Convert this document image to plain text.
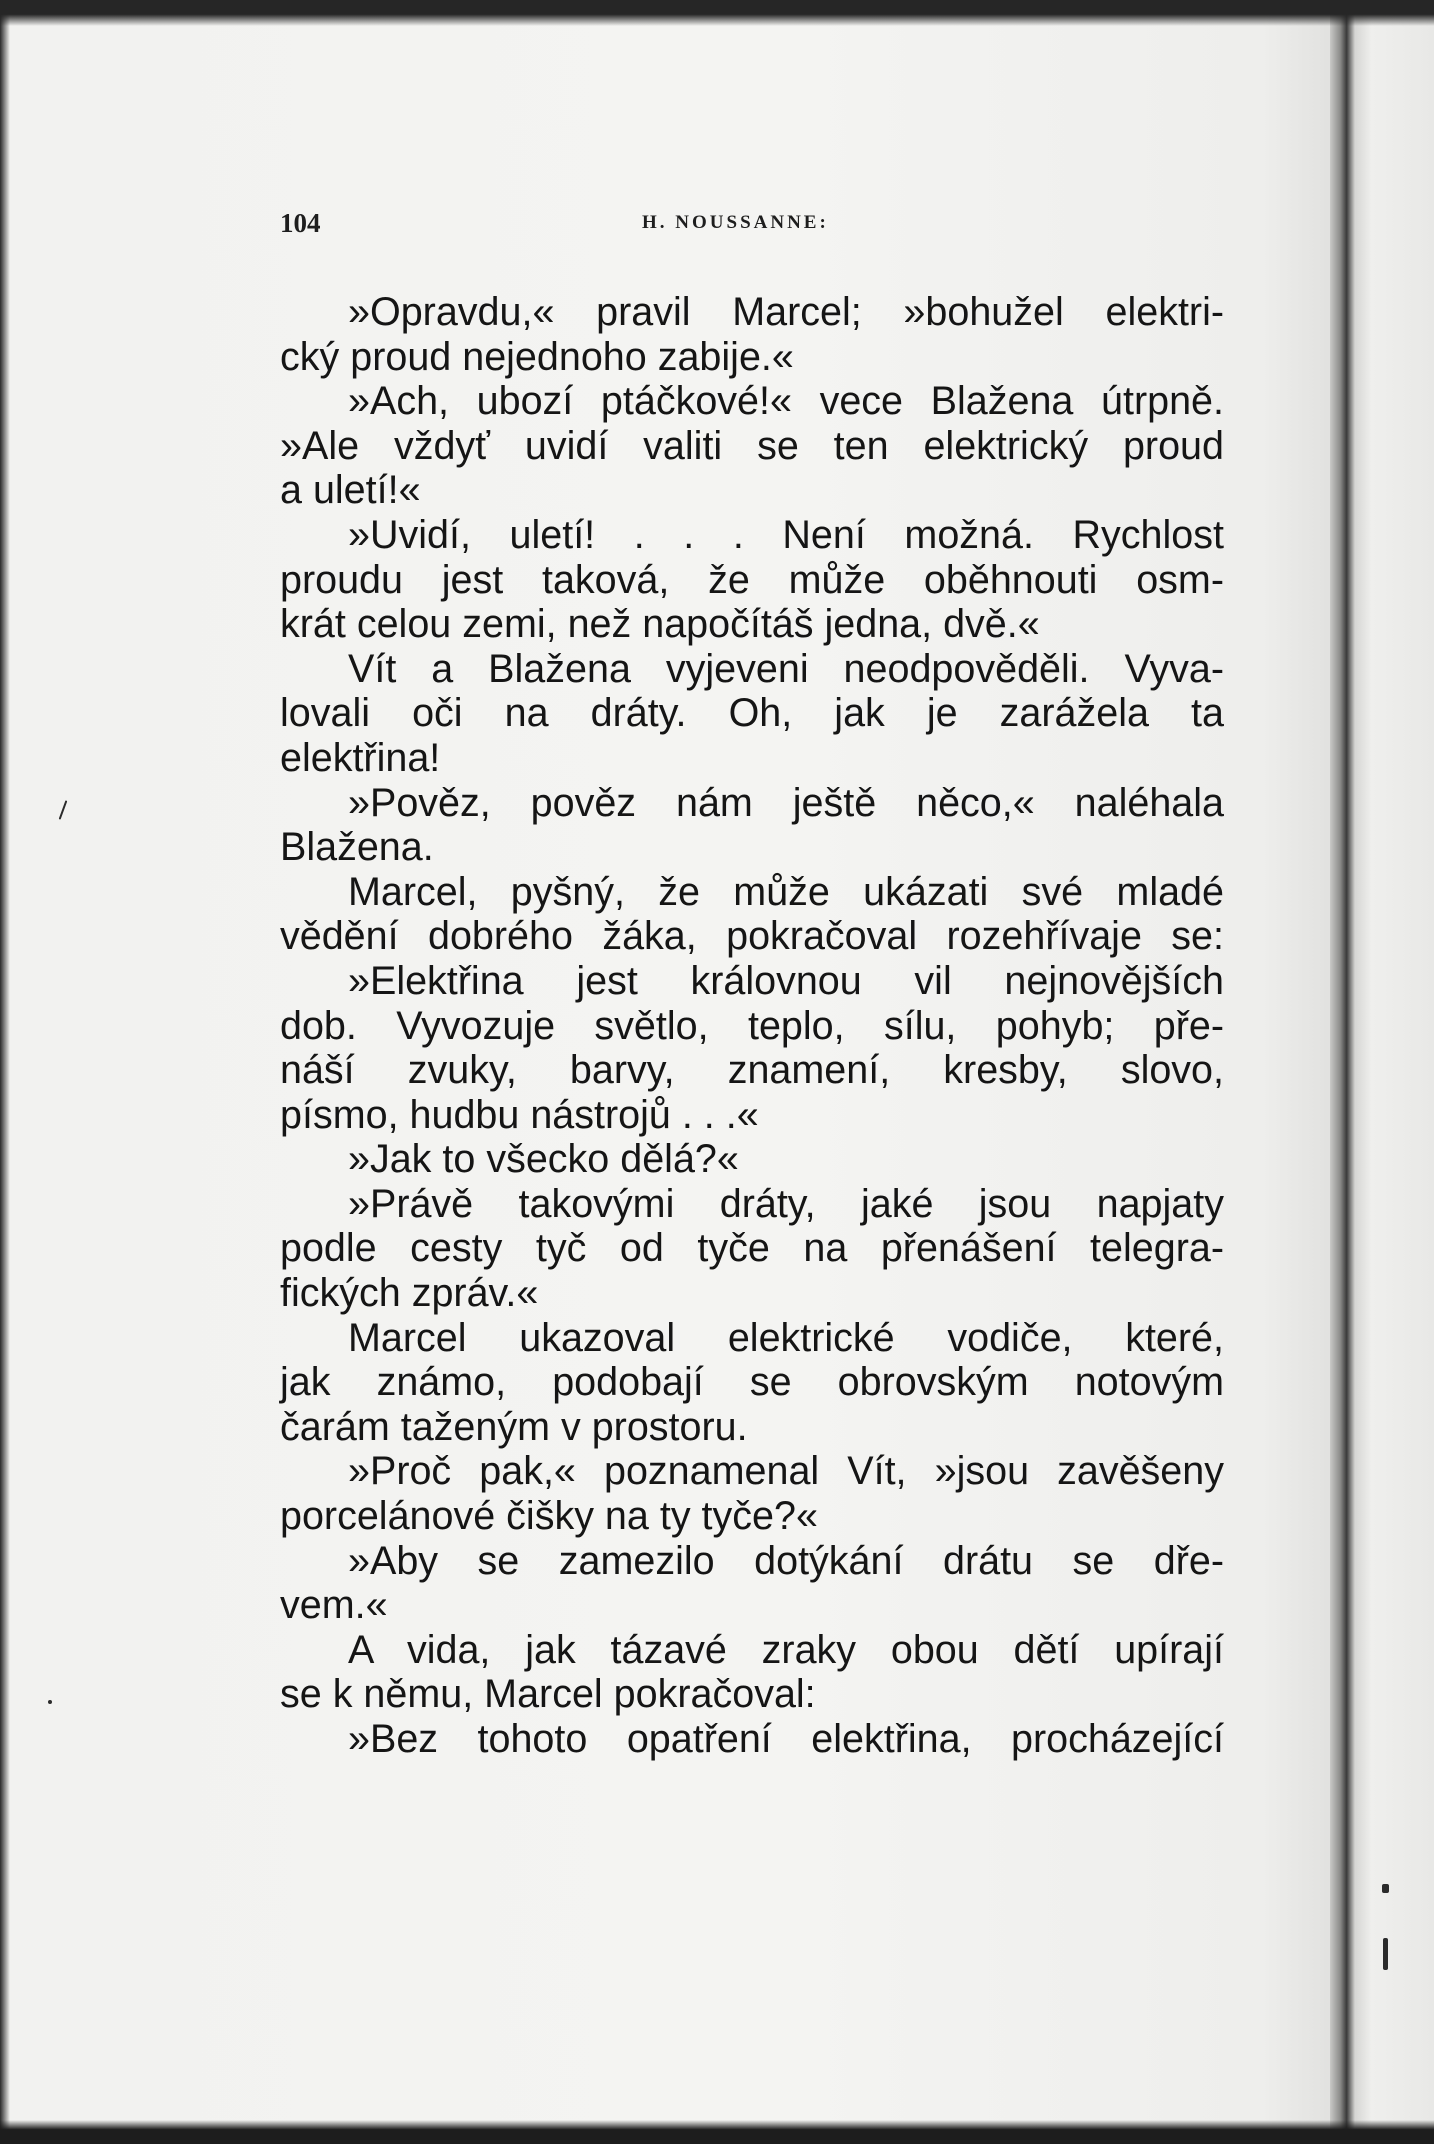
104	H. NOUSSANNE:
»Opravdu,« pravil Marcel; »bohužel elektri-
cký proud nejednoho zabije.«
»Ach, ubozí ptáčkové!« vece Blažena útrpně.
»Ale vždyť uvidí valiti se ten elektrický proud
a uletí!«
»Uvidí, uletí! . . . Není možná. Rychlost
proudu jest taková, že může oběhnouti osm-
krát celou zemi, než napočítáš jedna, dvě.«
Vít a Blažena vyjeveni neodpověděli. Vyva-
lovali oči na dráty. Oh, jak je zarážela ta
elektřina!
»Pověz, pověz nám ještě něco,« naléhala
Blažena.
Marcel, pyšný, že může ukázati své mladé
vědění dobrého žáka, pokračoval rozehřívaje se:
»Elektřina jest královnou vil nejnovějších
dob. Vyvozuje světlo, teplo, sílu, pohyb; pře-
náší zvuky, barvy, znamení, kresby, slovo,
písmo, hudbu nástrojů . . .«
»Jak to všecko dělá?«
»Právě takovými dráty, jaké jsou napjaty
podle cesty tyč od tyče na přenášení telegra-
fických zpráv.«
Marcel ukazoval elektrické vodiče, které,
jak známo, podobají se obrovským notovým
čarám taženým v prostoru.
»Proč pak,« poznamenal Vít, »jsou zavěšeny
porcelánové čišky na ty tyče?«
»Aby se zamezilo dotýkání drátu se dře-
vem.«
A vida, jak tázavé zraky obou dětí upírají
se k němu, Marcel pokračoval:
»Bez tohoto opatření elektřina, procházející
